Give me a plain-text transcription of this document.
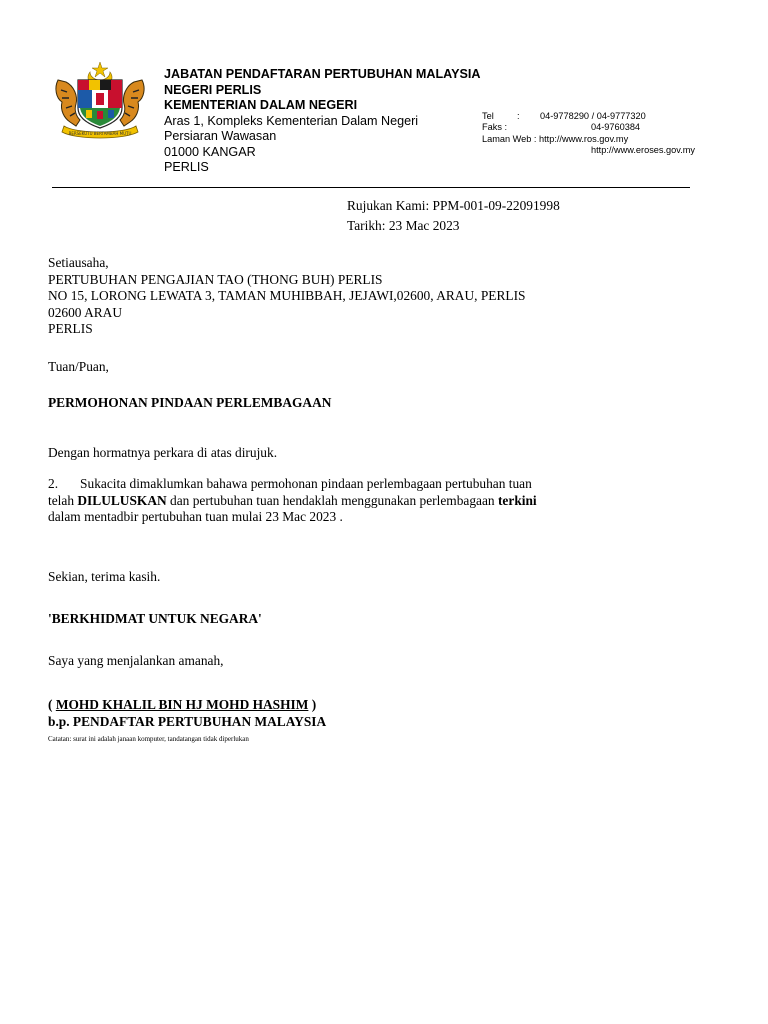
BERSEKUTU BERTAMBAH MUTU
JABATAN PENDAFTARAN PERTUBUHAN MALAYSIA
NEGERI PERLIS
KEMENTERIAN DALAM NEGERI
Aras 1, Kompleks Kementerian Dalam Negeri
Persiaran Wawasan
01000 KANGAR
PERLIS
Tel	: 04-9778290 / 04-9777320
Faks :	04-9760384
Laman Web : http://www.ros.gov.my
http://www.eroses.gov.my
Rujukan Kami: PPM-001-09-22091998
Tarikh: 23 Mac 2023
Setiausaha,
PERTUBUHAN PENGAJIAN TAO (THONG BUH) PERLIS
NO 15, LORONG LEWATA 3, TAMAN MUHIBBAH, JEJAWI,02600, ARAU, PERLIS
02600 ARAU
PERLIS
Tuan/Puan,
PERMOHONAN PINDAAN PERLEMBAGAAN
Dengan hormatnya perkara di atas dirujuk.
2. Sukacita dimaklumkan bahawa permohonan pindaan perlembagaan pertubuhan tuan
telah DILULUSKAN dan pertubuhan tuan hendaklah menggunakan perlembagaan terkini
dalam mentadbir pertubuhan tuan mulai 23 Mac 2023 .
Sekian, terima kasih.
'BERKHIDMAT UNTUK NEGARA'
Saya yang menjalankan amanah,
( MOHD KHALIL BIN HJ MOHD HASHIM )
b.p. PENDAFTAR PERTUBUHAN MALAYSIA
Catatan: surat ini adalah janaan komputer, tandatangan tidak diperlukan
